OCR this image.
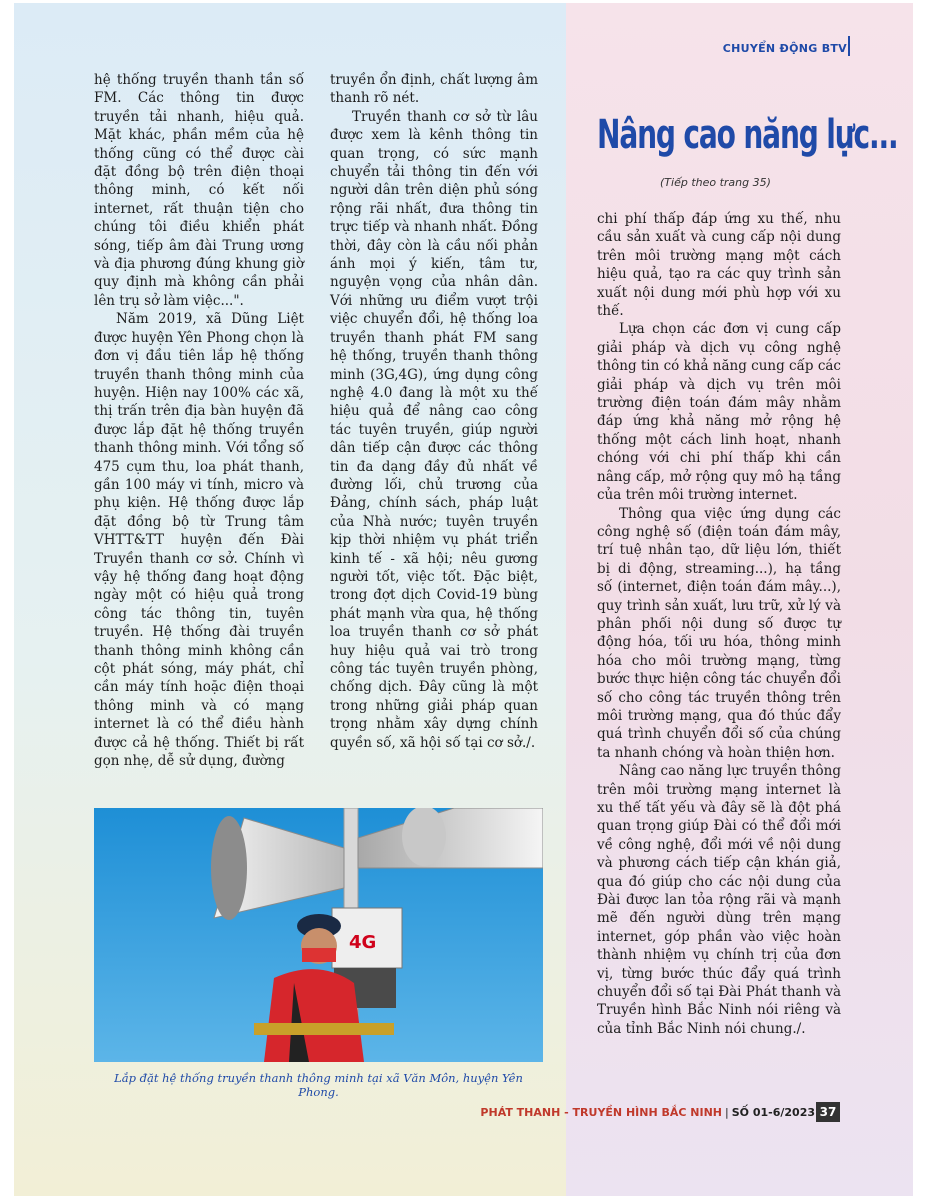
CHUYỂN ĐỘNG BTV

hệ thống truyền thanh tần số FM. Các thông tin được truyền tải nhanh, hiệu quả. Mặt khác, phần mềm của hệ thống cũng có thể được cài đặt đồng bộ trên điện thoại thông minh, có kết nối internet, rất thuận tiện cho chúng tôi điều khiển phát sóng, tiếp âm đài Trung ương và địa phương đúng khung giờ quy định mà không cần phải lên trụ sở làm việc...".

Năm 2019, xã Dũng Liệt được huyện Yên Phong chọn là đơn vị đầu tiên lắp hệ thống truyền thanh thông minh của huyện. Hiện nay 100% các xã, thị trấn trên địa bàn huyện đã được lắp đặt hệ thống truyền thanh thông minh. Với tổng số 475 cụm thu, loa phát thanh, gần 100 máy vi tính, micro và phụ kiện. Hệ thống được lắp đặt đồng bộ từ Trung tâm VHTT&TT huyện đến Đài Truyền thanh cơ sở. Chính vì vậy hệ thống đang hoạt động ngày một có hiệu quả trong công tác thông tin, tuyên truyền. Hệ thống đài truyền thanh thông minh không cần cột phát sóng, máy phát, chỉ cần máy tính hoặc điện thoại thông minh và có mạng internet là có thể điều hành được cả hệ thống. Thiết bị rất gọn nhẹ, dễ sử dụng, đường

truyền ổn định, chất lượng âm thanh rõ nét.

Truyền thanh cơ sở từ lâu được xem là kênh thông tin quan trọng, có sức mạnh chuyển tải thông tin đến với người dân trên diện phủ sóng rộng rãi nhất, đưa thông tin trực tiếp và nhanh nhất. Đồng thời, đây còn là cầu nối phản ánh mọi ý kiến, tâm tư, nguyện vọng của nhân dân. Với những ưu điểm vượt trội việc chuyển đổi, hệ thống loa truyền thanh phát FM sang hệ thống, truyền thanh thông minh (3G,4G), ứng dụng công nghệ 4.0 đang là một xu thế hiệu quả để nâng cao công tác tuyên truyền, giúp người dân tiếp cận được các thông tin đa dạng đầy đủ nhất về đường lối, chủ trương của Đảng, chính sách, pháp luật của Nhà nước; tuyên truyền kịp thời nhiệm vụ phát triển kinh tế - xã hội; nêu gương người tốt, việc tốt. Đặc biệt, trong đợt dịch Covid-19 bùng phát mạnh vừa qua, hệ thống loa truyền thanh cơ sở phát huy hiệu quả vai trò trong công tác tuyên truyền phòng, chống dịch. Đây cũng là một trong những giải pháp quan trọng nhằm xây dựng chính quyền số, xã hội số tại cơ sở./.

Nâng cao năng lực...
(Tiếp theo trang 35)

chi phí thấp đáp ứng xu thế, nhu cầu sản xuất và cung cấp nội dung trên môi trường mạng một cách hiệu quả, tạo ra các quy trình sản xuất nội dung mới phù hợp với xu thế.

Lựa chọn các đơn vị cung cấp giải pháp và dịch vụ công nghệ thông tin có khả năng cung cấp các giải pháp và dịch vụ trên môi trường điện toán đám mây nhằm đáp ứng khả năng mở rộng hệ thống một cách linh hoạt, nhanh chóng với chi phí thấp khi cần nâng cấp, mở rộng quy mô hạ tầng của trên môi trường internet.

Thông qua việc ứng dụng các công nghệ số (điện toán đám mây, trí tuệ nhân tạo, dữ liệu lớn, thiết bị di động, streaming...), hạ tầng số (internet, điện toán đám mây...), quy trình sản xuất, lưu trữ, xử lý và phân phối nội dung số được tự động hóa, tối ưu hóa, thông minh hóa cho môi trường mạng, từng bước thực hiện công tác chuyển đổi số cho công tác truyền thông trên môi trường mạng, qua đó thúc đẩy quá trình chuyển đổi số của chúng ta nhanh chóng và hoàn thiện hơn.

Nâng cao năng lực truyền thông trên môi trường mạng internet là xu thế tất yếu và đây sẽ là đột phá quan trọng giúp Đài có thể đổi mới về công nghệ, đổi mới về nội dung và phương cách tiếp cận khán giả, qua đó giúp cho các nội dung của Đài được lan tỏa rộng rãi và mạnh mẽ đến người dùng trên mạng internet, góp phần vào việc hoàn thành nhiệm vụ chính trị của đơn vị, từng bước thúc đẩy quá trình chuyển đổi số tại Đài Phát thanh và Truyền hình Bắc Ninh nói riêng và của tỉnh Bắc Ninh nói chung./.

4G
Lắp đặt hệ thống truyền thanh thông minh tại xã Văn Môn, huyện Yên Phong.
PHÁT THANH - TRUYỀN HÌNH BẮC NINH | SỐ 01-6/2023 37
